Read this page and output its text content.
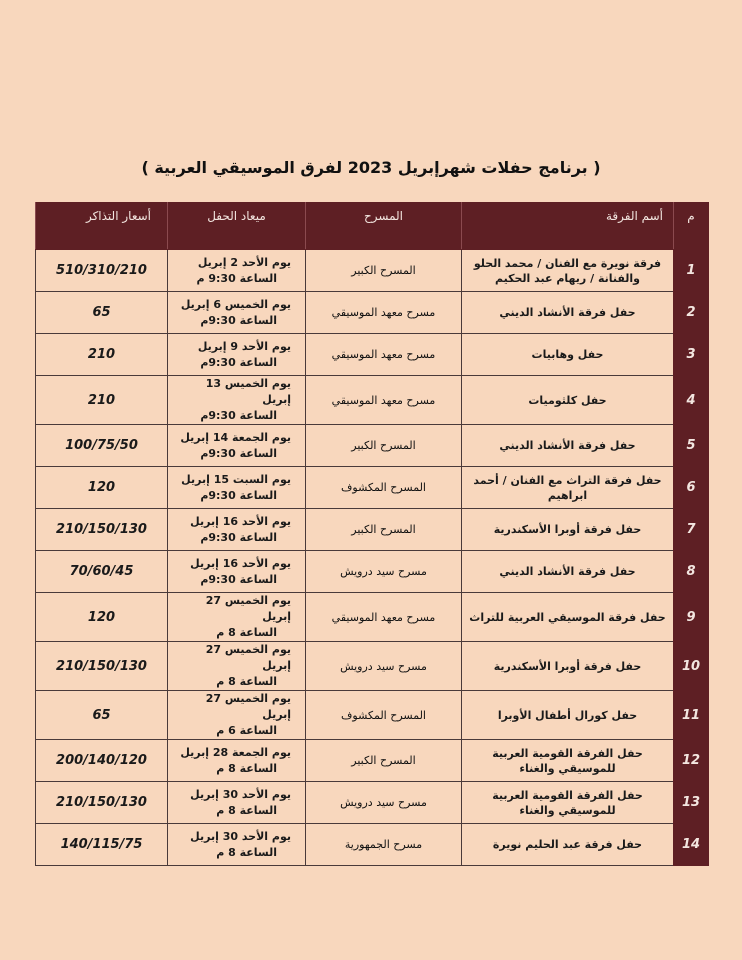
( برنامج حفلات شهرإبريل 2023 لفرق الموسيقي العربية )
م	أسم الفرقة	المسرح	ميعاد الحفل	أسعار التذاكر
1	فرقة نويرة مع الفنان / محمد الحلو والفنانة / ريهام عبد الحكيم	المسرح الكبير	يوم الأحد 2 إبريل
الساعة 9:30 م	510/310/210
2	حفل فرقة الأنشاد الديني	مسرح معهد الموسيقي	يوم الخميس 6 إبريل
الساعة 9:30م	65
3	حفل وهابيات	مسرح معهد الموسيقي	يوم الأحد 9 إبريل
الساعة 9:30م	210
4	حفل كلثوميات	مسرح معهد الموسيقي	يوم الخميس 13 إبريل
الساعة 9:30م	210
5	حفل فرقة الأنشاد الديني	المسرح الكبير	يوم الجمعة 14 إبريل
الساعة 9:30م	100/75/50
6	حفل فرقة التراث مع الفنان / أحمد ابراهيم	المسرح المكشوف	يوم السبت 15 إبريل
الساعة 9:30م	120
7	حفل فرقة أوبرا الأسكندرية	المسرح الكبير	يوم الأحد 16 إبريل
الساعة 9:30م	210/150/130
8	حفل فرقة الأنشاد الديني	مسرح سيد درويش	يوم الأحد 16 إبريل
الساعة 9:30م	70/60/45
9	حفل فرقة الموسيقي العربية للتراث	مسرح معهد الموسيقي	يوم الخميس 27 إبريل
الساعة 8 م	120
10	حفل فرقة أوبرا الأسكندرية	مسرح سيد درويش	يوم الخميس 27 إبريل
الساعة 8 م	210/150/130
11	حفل كورال أطفال الأوبرا	المسرح المكشوف	يوم الخميس 27 إبريل
الساعة 6 م	65
12	حفل الفرقة القومية العربية للموسيقي والغناء	المسرح الكبير	يوم الجمعة 28 إبريل
الساعة 8 م	200/140/120
13	حفل الفرقة القومية العربية للموسيقي والغناء	مسرح سيد درويش	يوم الأحد 30 إبريل
الساعة 8 م	210/150/130
14	حفل فرقة عبد الحليم نويرة	مسرح الجمهورية	يوم الأحد 30 إبريل
الساعة 8 م	140/115/75
